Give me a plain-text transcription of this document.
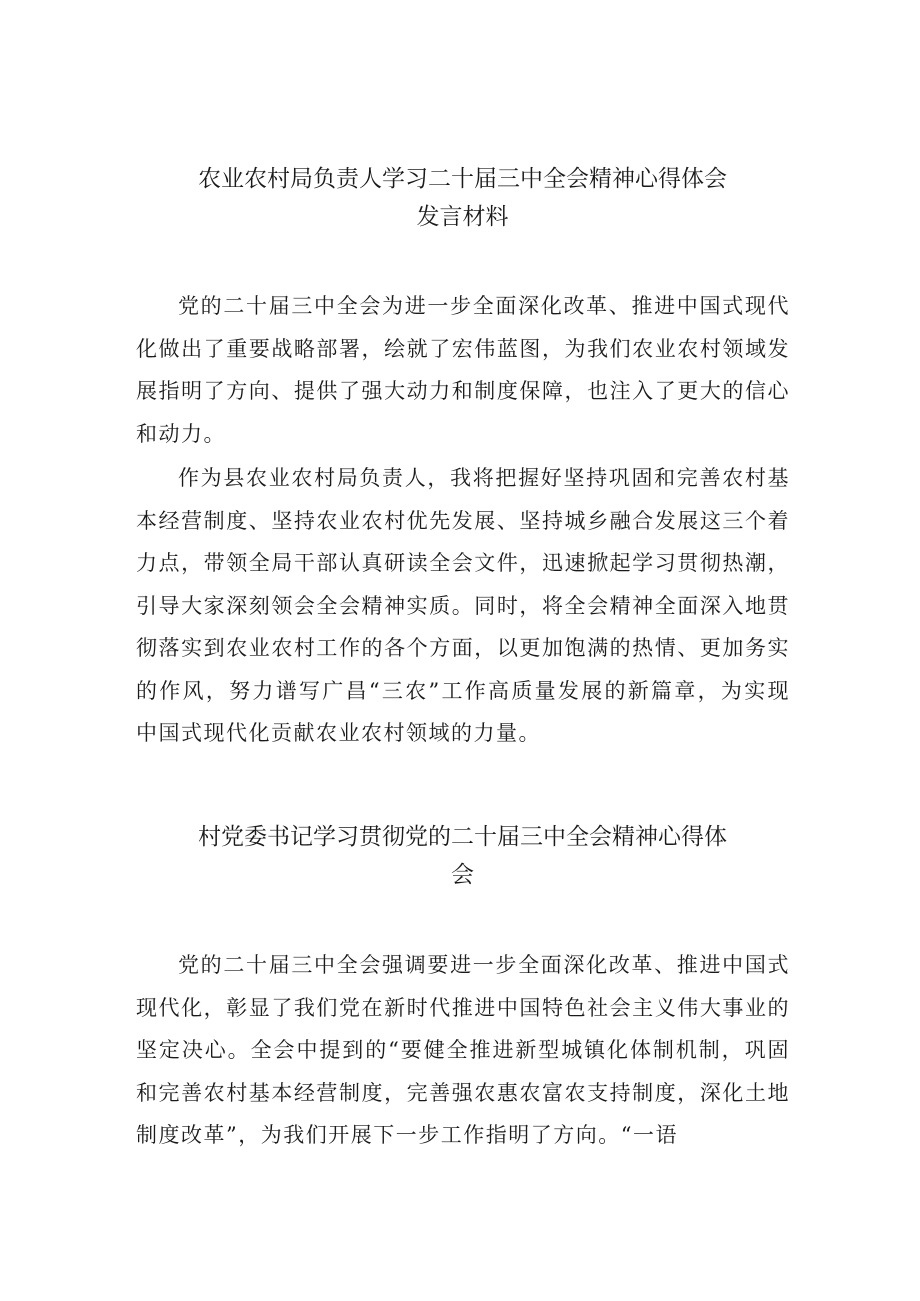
农业农村局负责人学习二十届三中全会精神心得体会
发言材料

党的二十届三中全会为进一步全面深化改革、推进中国式现代化做出了重要战略部署，绘就了宏伟蓝图，为我们农业农村领域发展指明了方向、提供了强大动力和制度保障，也注入了更大的信心和动力。

作为县农业农村局负责人，我将把握好坚持巩固和完善农村基本经营制度、坚持农业农村优先发展、坚持城乡融合发展这三个着力点，带领全局干部认真研读全会文件，迅速掀起学习贯彻热潮，引导大家深刻领会全会精神实质。同时，将全会精神全面深入地贯彻落实到农业农村工作的各个方面，以更加饱满的热情、更加务实的作风，努力谱写广昌“三农”工作高质量发展的新篇章，为实现中国式现代化贡献农业农村领域的力量。

村党委书记学习贯彻党的二十届三中全会精神心得体
会

党的二十届三中全会强调要进一步全面深化改革、推进中国式现代化，彰显了我们党在新时代推进中国特色社会主义伟大事业的坚定决心。全会中提到的“要健全推进新型城镇化体制机制，巩固和完善农村基本经营制度，完善强农惠农富农支持制度，深化土地制度改革”，为我们开展下一步工作指明了方向。“一语
